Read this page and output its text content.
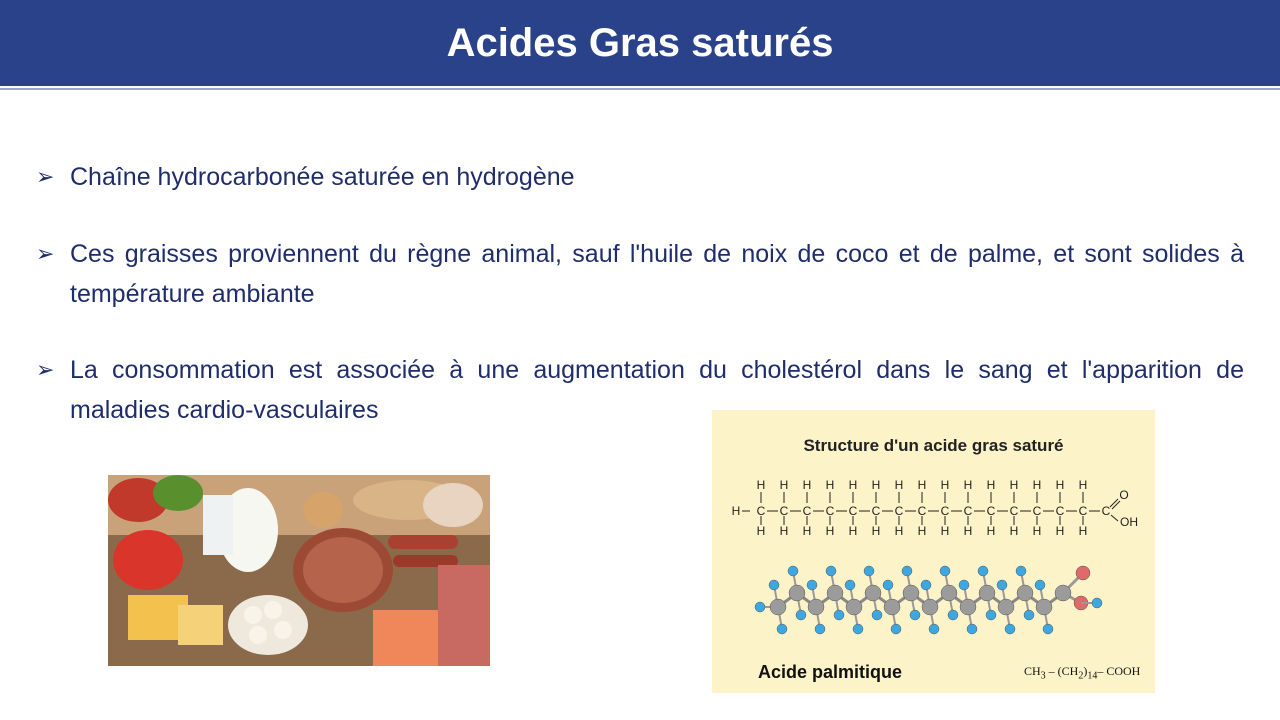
Acides Gras saturés
➢ Chaîne hydrocarbonée saturée en hydrogène
➢ Ces graisses proviennent du règne animal, sauf l'huile de noix de coco et de palme, et sont solides à température ambiante
➢ La consommation est associée à une augmentation du cholestérol dans le sang et l'apparition de maladies cardio-vasculaires
Structure d'un acide gras saturé
H
H
H
C
H
H
C
H
H
C
H
H
C
H
H
C
H
H
C
H
H
C
H
H
C
H
H
C
H
H
C
H
H
C
H
H
C
H
H
C
H
H
C
H
H
C C
O
OH
Acide palmitique	$CH_3 - (CH_2)_{14}-$ COOH
